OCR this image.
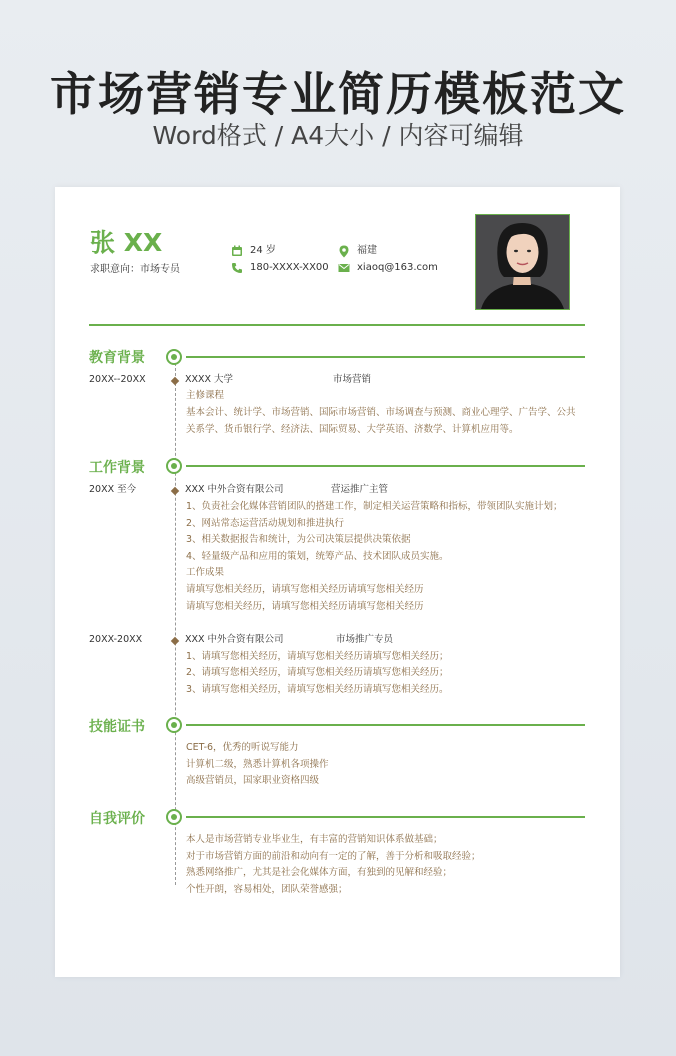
市场营销专业简历模板范文
Word格式 / A4大小 / 内容可编辑
张 XX
求职意向：市场专员
24 岁
180-XXXX-XX00
福建
xiaoq@163.com
教育背景
20XX--20XX	XXXX 大学	市场营销
主修课程
基本会计、统计学、市场营销、国际市场营销、市场调查与预测、商业心理学、广告学、公共
关系学、货币银行学、经济法、国际贸易、大学英语、济数学、计算机应用等。
工作背景
20XX 至今	XXX 中外合资有限公司	营运推广主管
1、负责社会化媒体营销团队的搭建工作，制定相关运营策略和指标，带领团队实施计划；
2、网站常态运营活动规划和推进执行
3、相关数据报告和统计，为公司决策层提供决策依据
4、轻量级产品和应用的策划，统筹产品、技术团队成员实施。
工作成果
请填写您相关经历，请填写您相关经历请填写您相关经历
请填写您相关经历，请填写您相关经历请填写您相关经历
20XX-20XX	XXX 中外合资有限公司	市场推广专员
1、请填写您相关经历，请填写您相关经历请填写您相关经历；
2、请填写您相关经历，请填写您相关经历请填写您相关经历；
3、请填写您相关经历，请填写您相关经历请填写您相关经历。
技能证书
CET-6，优秀的听说写能力
计算机二级，熟悉计算机各项操作
高级营销员，国家职业资格四级
自我评价
本人是市场营销专业毕业生，有丰富的营销知识体系做基础；
对于市场营销方面的前沿和动向有一定的了解，善于分析和吸取经验；
熟悉网络推广，尤其是社会化媒体方面，有独到的见解和经验；
个性开朗，容易相处，团队荣誉感强；
